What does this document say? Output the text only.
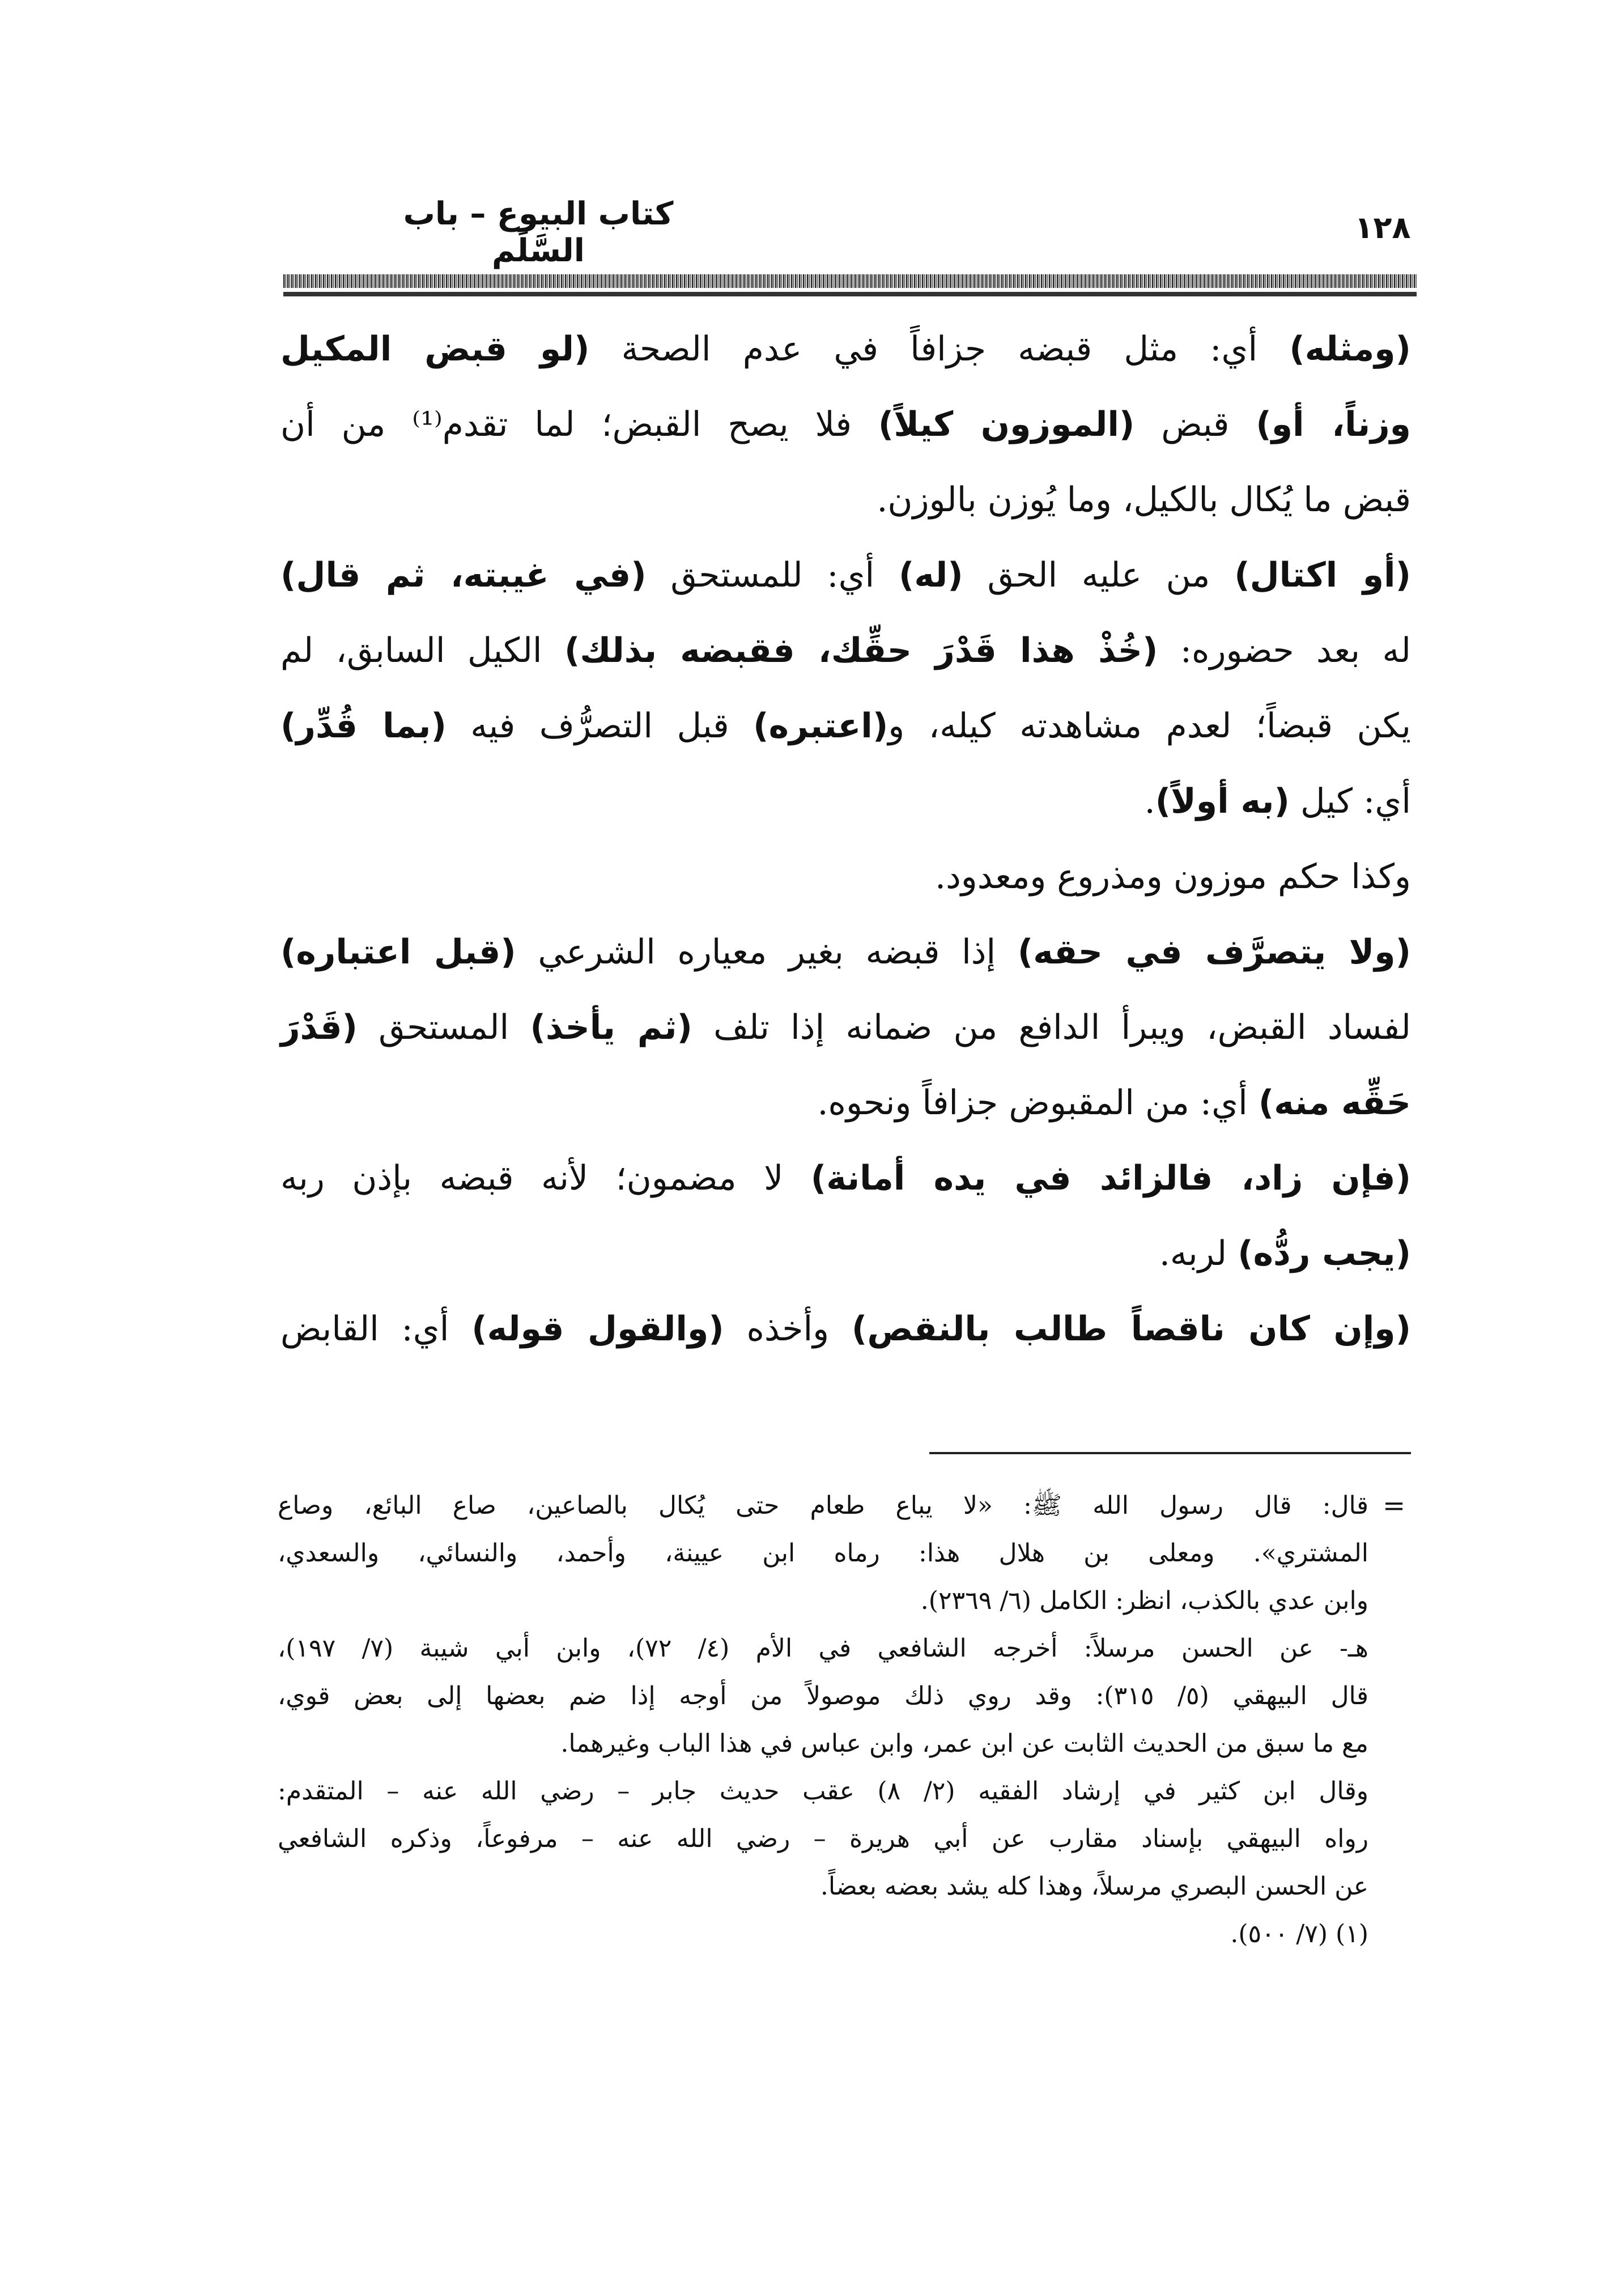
كتاب البيوع – باب السَّلَم
١٢٨
(ومثله) أي: مثل قبضه جزافاً في عدم الصحة (لو قبض المكيل
وزناً، أو) قبض (الموزون كيلاً) فلا يصح القبض؛ لما تقدم⁽¹⁾ من أن
قبض ما يُكال بالكيل، وما يُوزن بالوزن.
(أو اكتال) من عليه الحق (له) أي: للمستحق (في غيبته، ثم قال)
له بعد حضوره: (خُذْ هذا قَدْرَ حقِّك، فقبضه بذلك) الكيل السابق، لم
يكن قبضاً؛ لعدم مشاهدته كيله، و(اعتبره) قبل التصرُّف فيه (بما قُدِّر)
أي: كيل (به أولاً).
وكذا حكم موزون ومذروع ومعدود.
(ولا يتصرَّف في حقه) إذا قبضه بغير معياره الشرعي (قبل اعتباره)
لفساد القبض، ويبرأ الدافع من ضمانه إذا تلف (ثم يأخذ) المستحق (قَدْرَ
حَقِّه منه) أي: من المقبوض جزافاً ونحوه.
(فإن زاد، فالزائد في يده أمانة) لا مضمون؛ لأنه قبضه بإذن ربه
(يجب ردُّه) لربه.
(وإن كان ناقصاً طالب بالنقص) وأخذه (والقول قوله) أي: القابض
=
قال: قال رسول الله ﷺ: «لا يباع طعام حتى يُكال بالصاعين، صاع البائع، وصاع
المشتري». ومعلى بن هلال هذا: رماه ابن عيينة، وأحمد، والنسائي، والسعدي،
وابن عدي بالكذب، انظر: الكامل (٦/ ٢٣٦٩).
هـ- عن الحسن مرسلاً: أخرجه الشافعي في الأم (٤/ ٧٢)، وابن أبي شيبة (٧/ ١٩٧)،
قال البيهقي (٥/ ٣١٥): وقد روي ذلك موصولاً من أوجه إذا ضم بعضها إلى بعض قوي،
مع ما سبق من الحديث الثابت عن ابن عمر، وابن عباس في هذا الباب وغيرهما.
وقال ابن كثير في إرشاد الفقيه (٢/ ٨) عقب حديث جابر – رضي الله عنه – المتقدم:
رواه البيهقي بإسناد مقارب عن أبي هريرة – رضي الله عنه – مرفوعاً، وذكره الشافعي
عن الحسن البصري مرسلاً، وهذا كله يشد بعضه بعضاً.
(١) (٧/ ٥٠٠).
